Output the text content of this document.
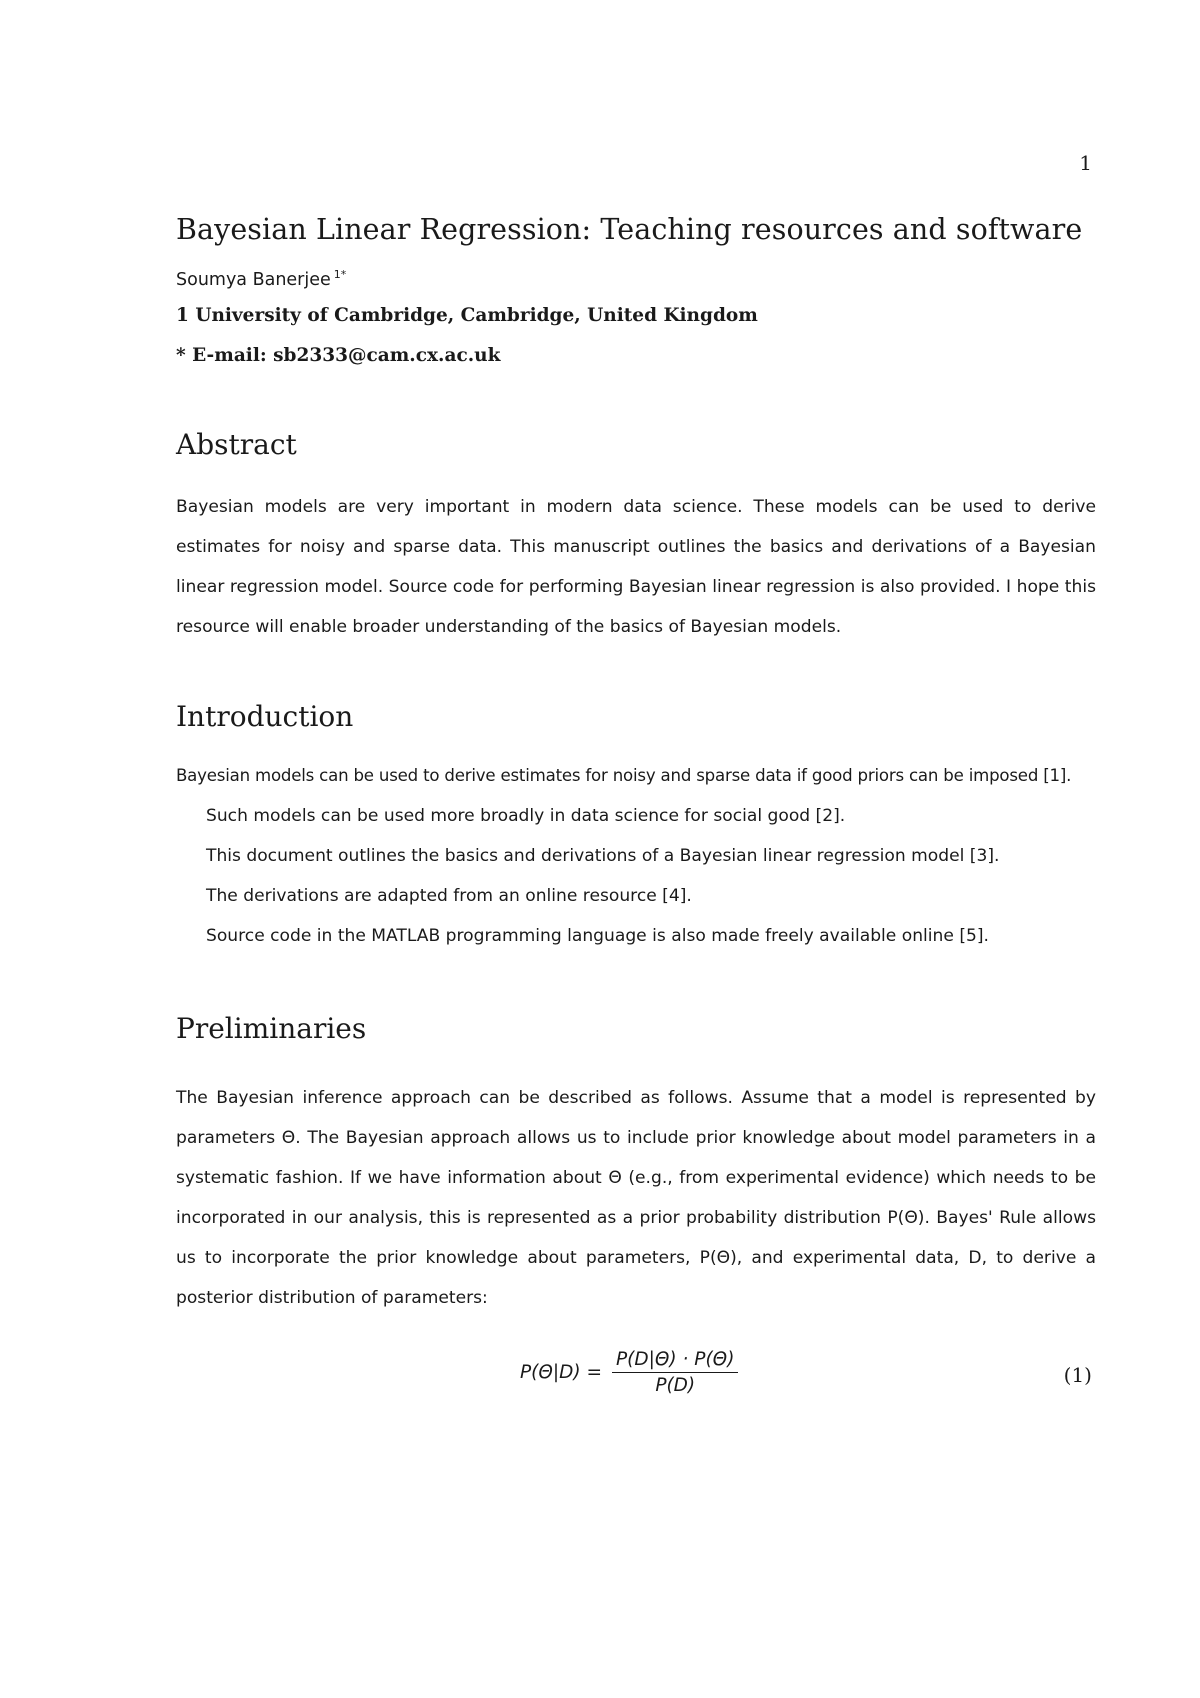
1
Bayesian Linear Regression: Teaching resources and software
Soumya Banerjee $^{1*}$
1 University of Cambridge, Cambridge, United Kingdom
* E-mail: sb2333@cam.cx.ac.uk
Abstract

Bayesian models are very important in modern data science. These models can be used to derive estimates for noisy and sparse data. This manuscript outlines the basics and derivations of a Bayesian linear regression model. Source code for performing Bayesian linear regression is also provided. I hope this resource will enable broader understanding of the basics of Bayesian models.

Introduction

Bayesian models can be used to derive estimates for noisy and sparse data if good priors can be imposed [1].

Such models can be used more broadly in data science for social good [2].

This document outlines the basics and derivations of a Bayesian linear regression model [3].

The derivations are adapted from an online resource [4].

Source code in the MATLAB programming language is also made freely available online [5].

Preliminaries

The Bayesian inference approach can be described as follows. Assume that a model is represented by parameters Θ. The Bayesian approach allows us to include prior knowledge about model parameters in a systematic fashion. If we have information about Θ (e.g., from experimental evidence) which needs to be incorporated in our analysis, this is represented as a prior probability distribution P(Θ). Bayes' Rule allows us to incorporate the prior knowledge about parameters, P(Θ), and experimental data, D, to derive a posterior distribution of parameters:

$P(\Theta|D) = \frac{P(D|\Theta) \cdot P(\Theta)}{P(D)}$	(1)
